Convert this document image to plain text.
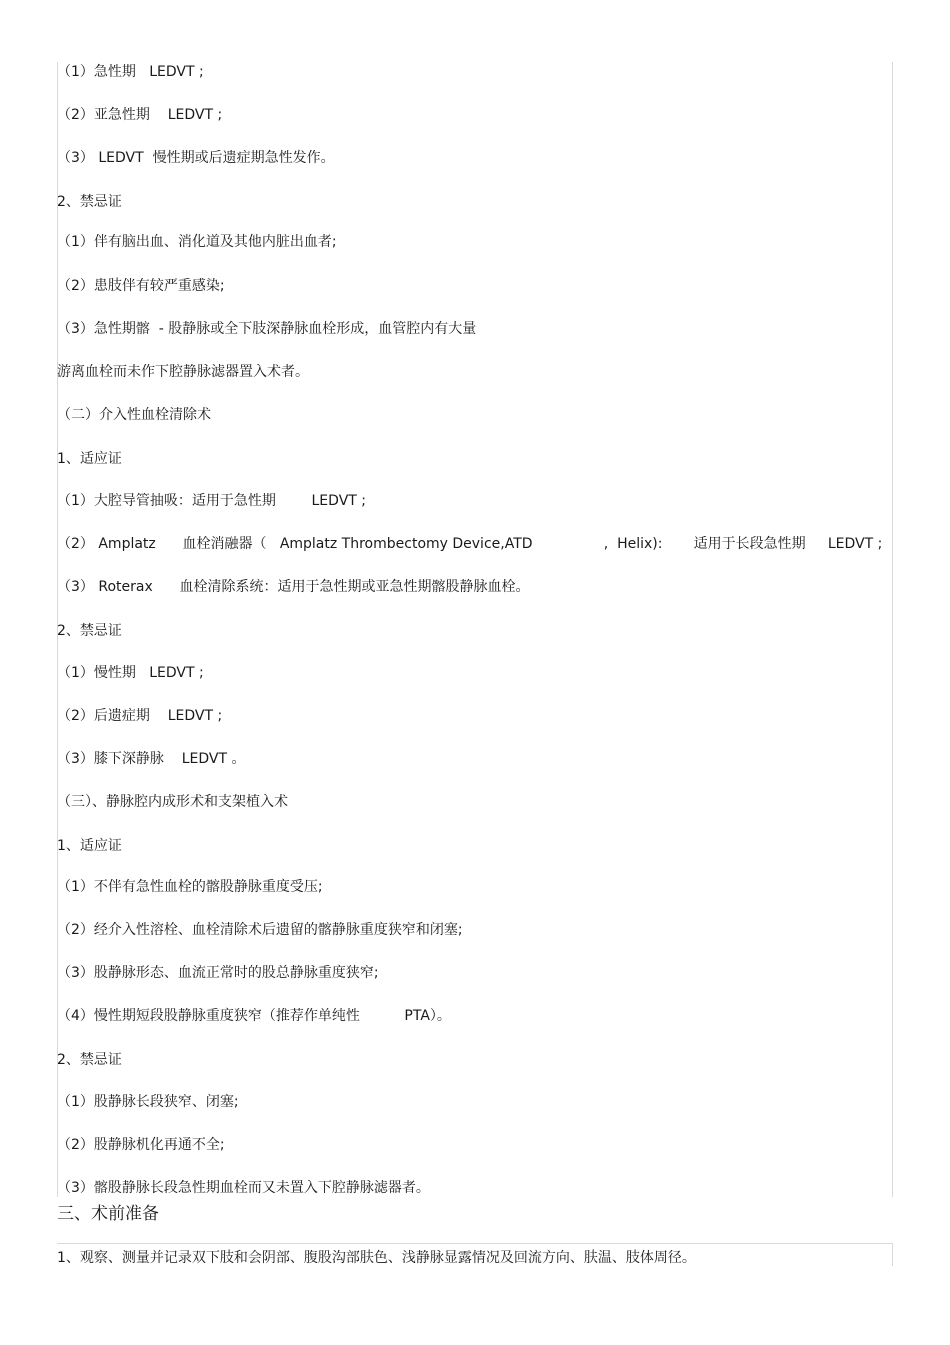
（1）急性期   LEDVT ;
（2）亚急性期    LEDVT ;
（3） LEDVT  慢性期或后遗症期急性发作。
2、禁忌证
（1）伴有脑出血、消化道及其他内脏出血者;
（2）患肢伴有较严重感染;
（3）急性期髂  - 股静脉或全下肢深静脉血栓形成，血管腔内有大量
游离血栓而未作下腔静脉滤器置入术者。
（二）介入性血栓清除术
1、适应证
（1）大腔导管抽吸：适用于急性期        LEDVT ;
（2） Amplatz      血栓消融器（   Amplatz Thrombectomy Device,ATD                ,  Helix):       适用于长段急性期     LEDVT ;
（3） Roterax      血栓清除系统：适用于急性期或亚急性期髂股静脉血栓。
2、禁忌证
（1）慢性期   LEDVT ;
（2）后遗症期    LEDVT ;
（3）膝下深静脉    LEDVT 。
（三）、静脉腔内成形术和支架植入术
1、适应证
（1）不伴有急性血栓的髂股静脉重度受压;
（2）经介入性溶栓、血栓清除术后遗留的髂静脉重度狭窄和闭塞;
（3）股静脉形态、血流正常时的股总静脉重度狭窄;
（4）慢性期短段股静脉重度狭窄（推荐作单纯性          PTA）。
2、禁忌证
（1）股静脉长段狭窄、闭塞;
（2）股静脉机化再通不全;
（3）髂股静脉长段急性期血栓而又未置入下腔静脉滤器者。
三、术前准备
1、观察、测量并记录双下肢和会阴部、腹股沟部肤色、浅静脉显露情况及回流方向、肤温、肢体周径。
